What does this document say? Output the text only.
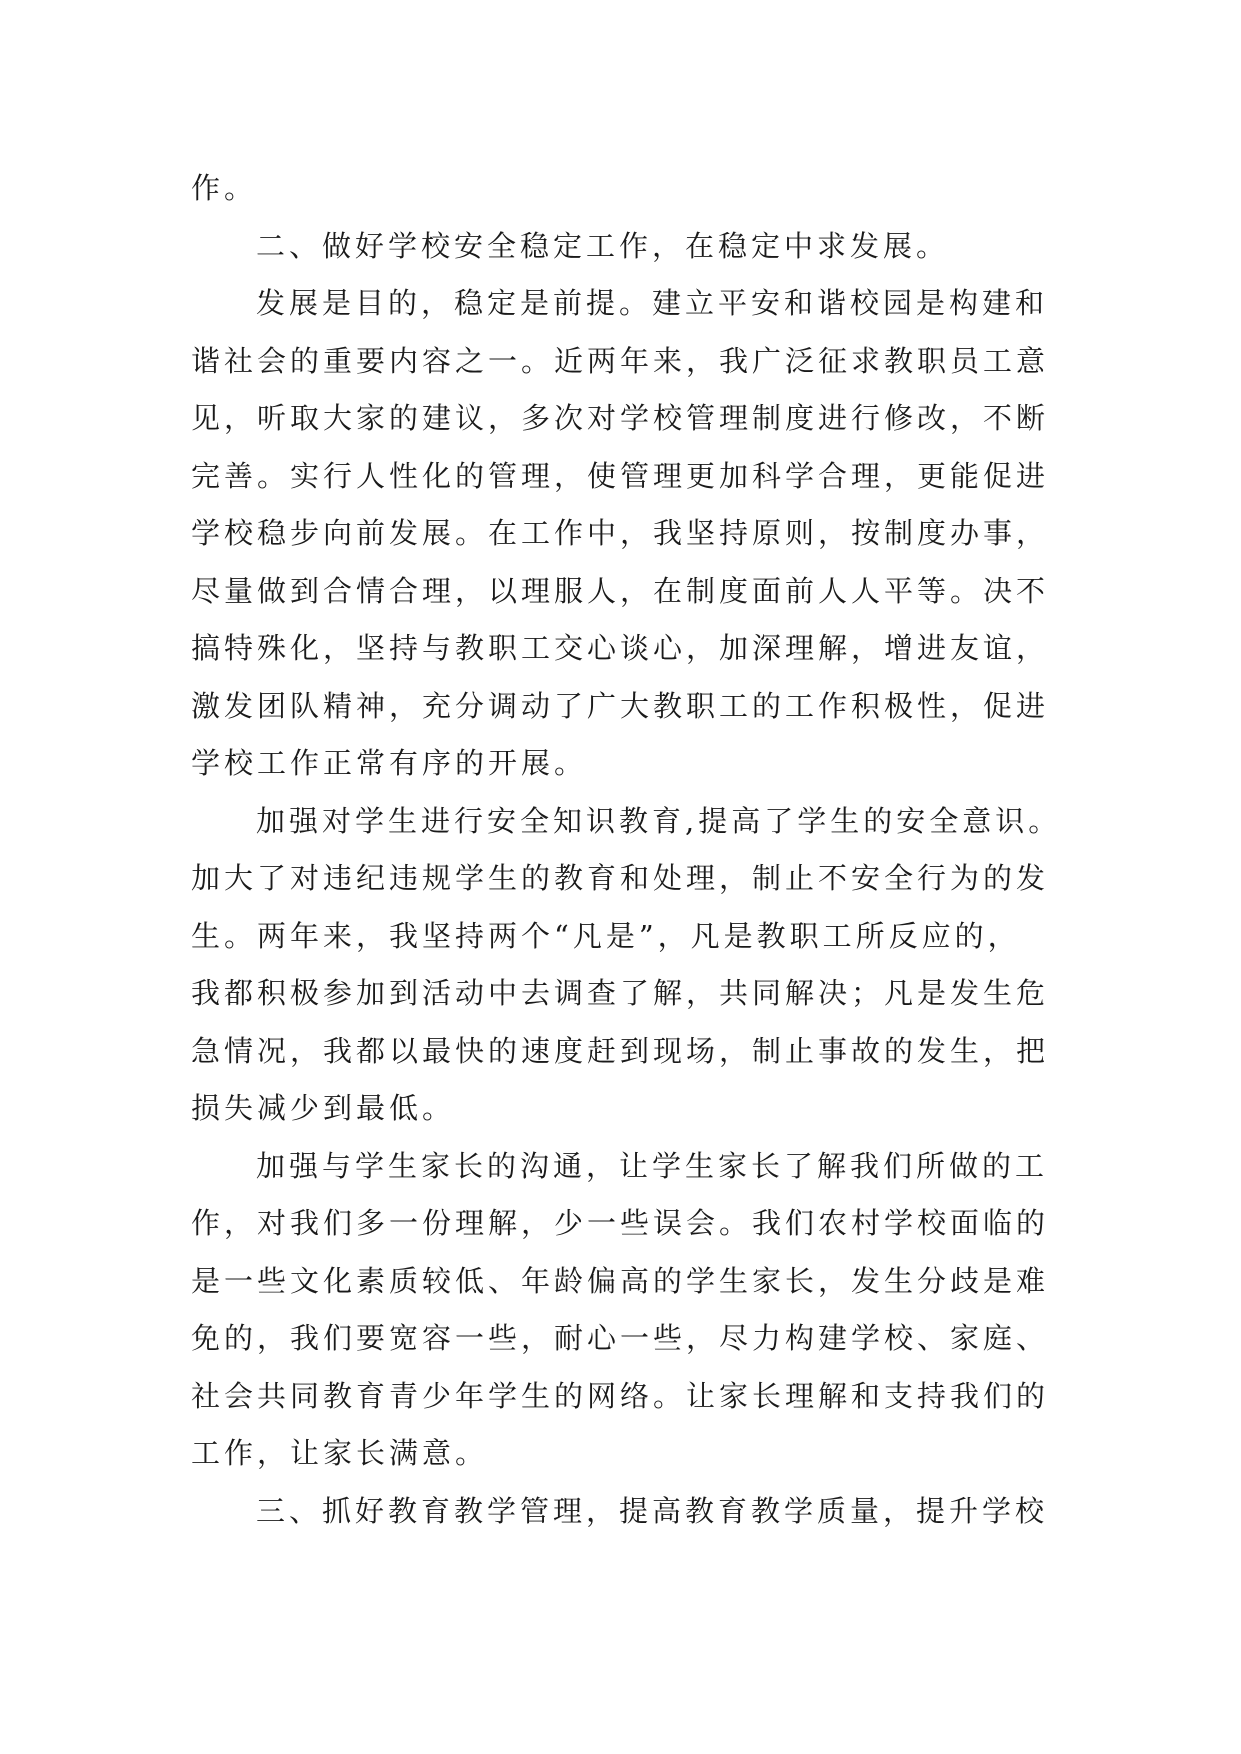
作。
二、做好学校安全稳定工作，在稳定中求发展。
发展是目的，稳定是前提。建立平安和谐校园是构建和
谐社会的重要内容之一。近两年来，我广泛征求教职员工意
见，听取大家的建议，多次对学校管理制度进行修改，不断
完善。实行人性化的管理，使管理更加科学合理，更能促进
学校稳步向前发展。在工作中，我坚持原则，按制度办事，
尽量做到合情合理，以理服人，在制度面前人人平等。决不
搞特殊化，坚持与教职工交心谈心，加深理解，增进友谊，
激发团队精神，充分调动了广大教职工的工作积极性，促进
学校工作正常有序的开展。
加强对学生进行安全知识教育,提高了学生的安全意识。
加大了对违纪违规学生的教育和处理，制止不安全行为的发
生。两年来，我坚持两个“凡是”，凡是教职工所反应的，
我都积极参加到活动中去调查了解，共同解决；凡是发生危
急情况，我都以最快的速度赶到现场，制止事故的发生，把
损失减少到最低。
加强与学生家长的沟通，让学生家长了解我们所做的工
作，对我们多一份理解，少一些误会。我们农村学校面临的
是一些文化素质较低、年龄偏高的学生家长，发生分歧是难
免的，我们要宽容一些，耐心一些，尽力构建学校、家庭、
社会共同教育青少年学生的网络。让家长理解和支持我们的
工作，让家长满意。
三、抓好教育教学管理，提高教育教学质量，提升学校
